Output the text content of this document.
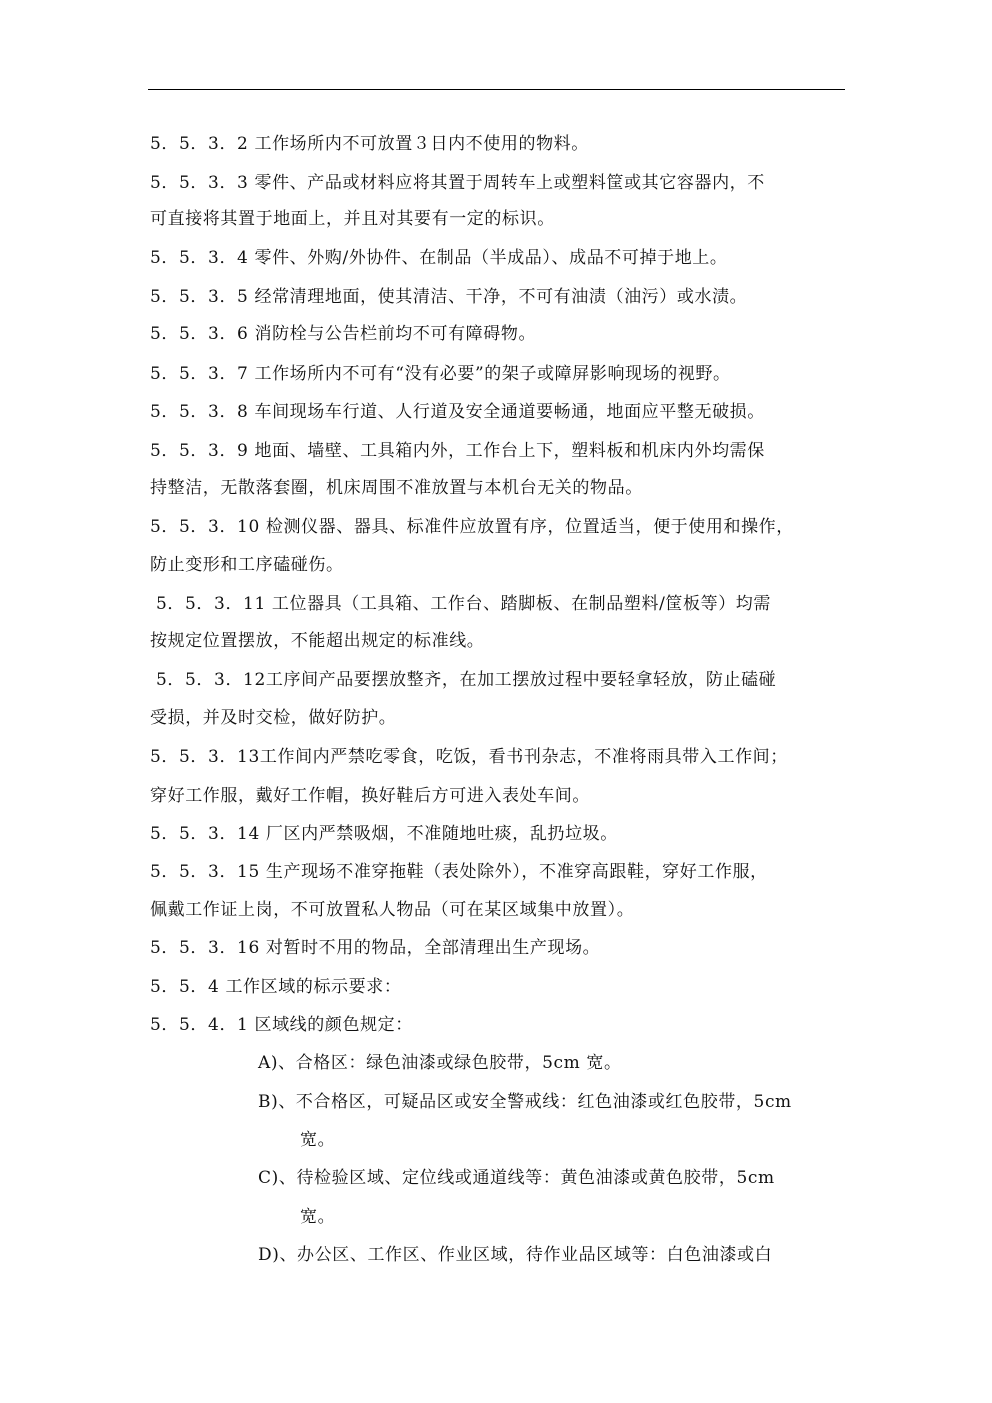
5．5．3．2 工作场所内不可放置３日内不使用的物料。
5．5．3．3 零件、产品或材料应将其置于周转车上或塑料筐或其它容器内，不
可直接将其置于地面上，并且对其要有一定的标识。
5．5．3．4 零件、外购/外协件、在制品（半成品）、成品不可掉于地上。
5．5．3．5 经常清理地面，使其清洁、干净，不可有油渍（油污）或水渍。
5．5．3．6 消防栓与公告栏前均不可有障碍物。
5．5．3．7 工作场所内不可有“没有必要”的架子或障屏影响现场的视野。
5．5．3．8 车间现场车行道、人行道及安全通道要畅通，地面应平整无破损。
5．5．3．9 地面、墙壁、工具箱内外，工作台上下，塑料板和机床内外均需保
持整洁，无散落套圈，机床周围不准放置与本机台无关的物品。
5．5．3．10 检测仪器、器具、标准件应放置有序，位置适当，便于使用和操作，
防止变形和工序磕碰伤。
5．5．3．11 工位器具（工具箱、工作台、踏脚板、在制品塑料/筐板等）均需
按规定位置摆放，不能超出规定的标准线。
5．5．3．12工序间产品要摆放整齐，在加工摆放过程中要轻拿轻放，防止磕碰
受损，并及时交检，做好防护。
5．5．3．13工作间内严禁吃零食，吃饭，看书刊杂志，不准将雨具带入工作间；
穿好工作服，戴好工作帽，换好鞋后方可进入表处车间。
5．5．3．14 厂区内严禁吸烟，不准随地吐痰，乱扔垃圾。
5．5．3．15 生产现场不准穿拖鞋（表处除外），不准穿高跟鞋，穿好工作服，
佩戴工作证上岗，不可放置私人物品（可在某区域集中放置）。
5．5．3．16 对暂时不用的物品，全部清理出生产现场。
5．5．4 工作区域的标示要求：
5．5．4．1 区域线的颜色规定：
A)、合格区：绿色油漆或绿色胶带，5cm 宽。
B)、不合格区，可疑品区或安全警戒线：红色油漆或红色胶带，5cm
宽。
C)、待检验区域、定位线或通道线等：黄色油漆或黄色胶带，5cm
宽。
D)、办公区、工作区、作业区域，待作业品区域等：白色油漆或白
